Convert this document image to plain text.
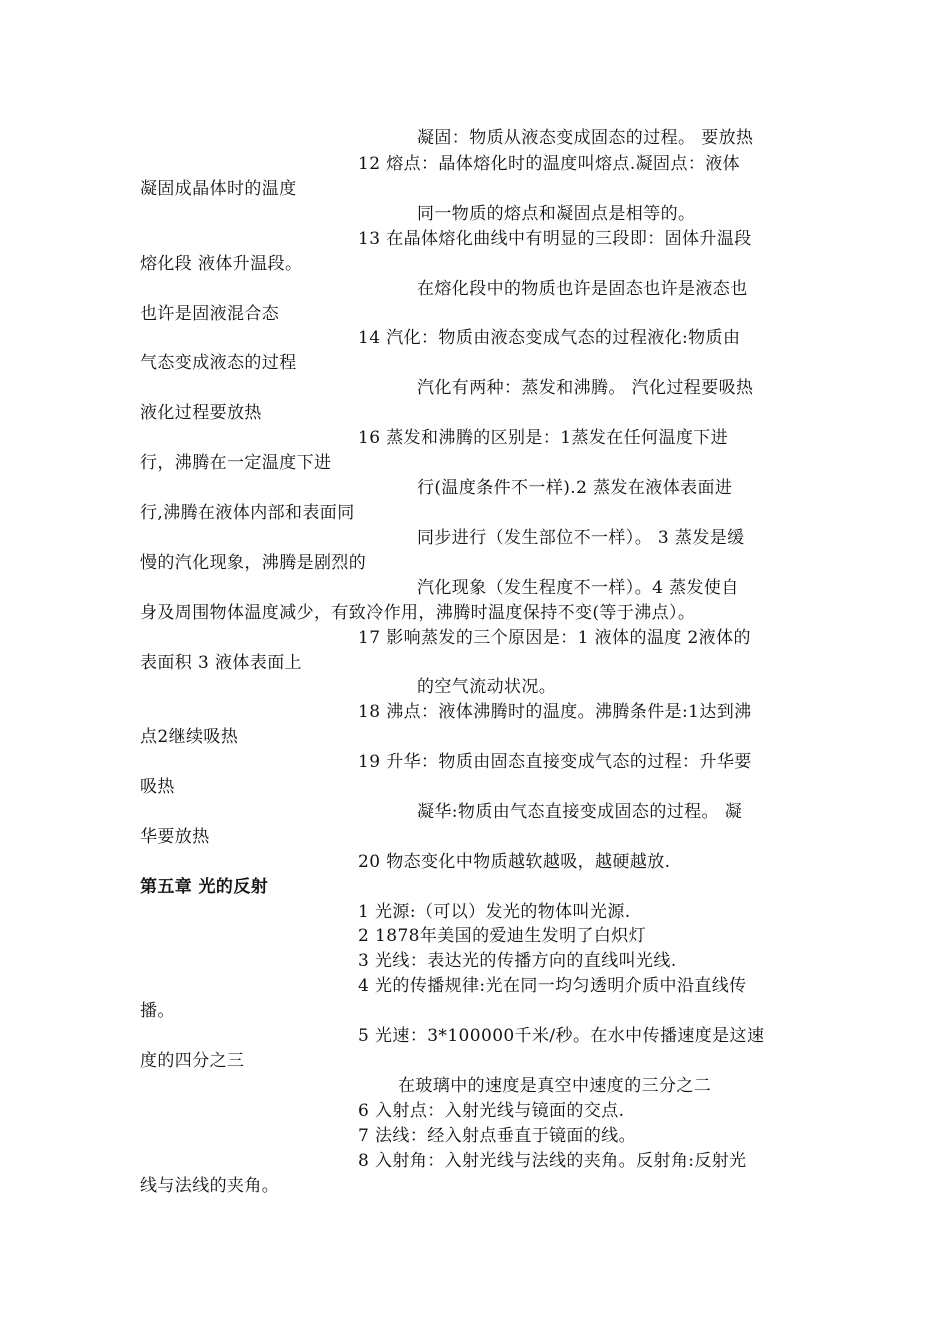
凝固：物质从液态变成固态的过程。 要放热
12 熔点：晶体熔化时的温度叫熔点.凝固点：液体
凝固成晶体时的温度
同一物质的熔点和凝固点是相等的。
13 在晶体熔化曲线中有明显的三段即：固体升温段
熔化段 液体升温段。
在熔化段中的物质也许是固态也许是液态也
也许是固液混合态
14 汽化：物质由液态变成气态的过程液化:物质由
气态变成液态的过程
汽化有两种：蒸发和沸腾。 汽化过程要吸热
液化过程要放热
16 蒸发和沸腾的区别是：1蒸发在任何温度下进
行，沸腾在一定温度下进
行(温度条件不一样).2 蒸发在液体表面进
行,沸腾在液体内部和表面同
同步进行（发生部位不一样）。 3 蒸发是缓
慢的汽化现象，沸腾是剧烈的
汽化现象（发生程度不一样）。4 蒸发使自
身及周围物体温度减少，有致冷作用，沸腾时温度保持不变(等于沸点）。
17 影响蒸发的三个原因是：1 液体的温度 2液体的
表面积 3 液体表面上
的空气流动状况。
18 沸点：液体沸腾时的温度。沸腾条件是:1达到沸
点2继续吸热
19 升华：物质由固态直接变成气态的过程：升华要
吸热
凝华:物质由气态直接变成固态的过程。 凝
华要放热
20 物态变化中物质越软越吸，越硬越放.
第五章 光的反射
1 光源:（可以）发光的物体叫光源.
2 1878年美国的爱迪生发明了白炽灯
3 光线：表达光的传播方向的直线叫光线.
4 光的传播规律:光在同一均匀透明介质中沿直线传
播。
5 光速：3*100000千米/秒。在水中传播速度是这速
度的四分之三
在玻璃中的速度是真空中速度的三分之二
6 入射点：入射光线与镜面的交点.
7 法线：经入射点垂直于镜面的线。
8 入射角：入射光线与法线的夹角。反射角:反射光
线与法线的夹角。
